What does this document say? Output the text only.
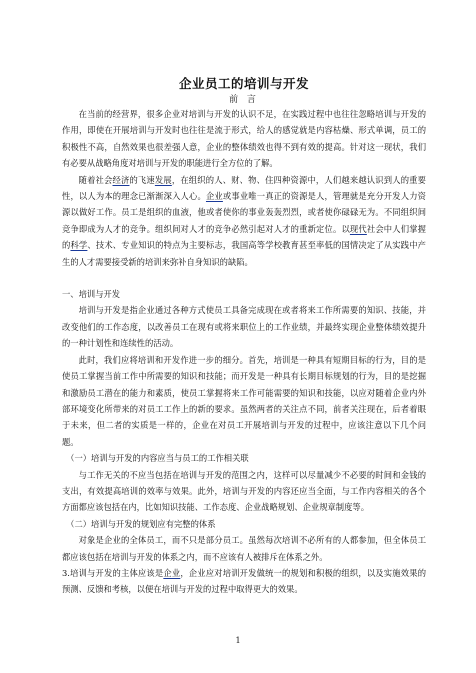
企业员工的培训与开发
前 言

在当前的经营界，很多企业对培训与开发的认识不足，在实践过程中也往往忽略培训与开发的作用，即使在开展培训与开发时也往往是流于形式，给人的感觉就是内容枯燥、形式单调，员工的积极性不高，自然效果也很差强人意，企业的整体绩效也得不到有效的提高。针对这一现状，我们有必要从战略角度对培训与开发的职能进行全方位的了解。

随着社会经济的飞速发展，在组织的人、财、物、住四种资源中，人们越来越认识到人的重要性，以人为本的理念已渐渐深入人心。企业或事业唯一真正的资源是人，管理就是充分开发人力资源以做好工作。员工是组织的血液，他或者使你的事业轰轰烈烈，或者使你碌碌无为。不同组织间竞争即成为人才的竞争。组织间对人才的竞争必然引起对人才的重新定位。以现代社会中人们掌握的科学、技术、专业知识的特点为主要标志，我国高等学校教育甚至率低的国情决定了从实践中产生的人才需要接受新的培训来弥补自身知识的缺陷。

一、培训与开发

培训与开发是指企业通过各种方式使员工具备完成现在或者将来工作所需要的知识、技能，并改变他们的工作态度，以改善员工在现有或将来职位上的工作业绩，并最终实现企业整体绩效提升的一种计划性和连续性的活动。

此时，我们应将培训和开发作进一步的细分。首先，培训是一种具有短期目标的行为，目的是使员工掌握当前工作中所需要的知识和技能；而开发是一种具有长期目标规划的行为，目的是挖掘和激励员工潜在的能力和素质，使员工掌握将来工作可能需要的知识和技能，以应对随着企业内外部环境变化所带来的对员工工作上的新的要求。虽然两者的关注点不同，前者关注现在，后者着眼于未来，但二者的实质是一样的，企业在对员工开展培训与开发的过程中，应该注意以下几个问题。

（一）培训与开发的内容应当与员工的工作相关联

与工作无关的不应当包括在培训与开发的范围之内，这样可以尽量减少不必要的时间和金钱的支出，有效提高培训的效率与效果。此外，培训与开发的内容还应当全面，与工作内容相关的各个方面都应该包括在内，比如知识技能、工作态度、企业战略规划、企业规章制度等。

（二）培训与开发的规划应有完整的体系

对象是企业的全体员工，而不只是部分员工。虽然每次培训不必所有的人都参加，但全体员工都应该包括在培训与开发的体系之内，而不应该有人被排斥在体系之外。

3.培训与开发的主体应该是企业，企业应对培训开发做统一的规划和积极的组织，以及实施效果的预测、反馈和考核，以便在培训与开发的过程中取得更大的效果。

1
